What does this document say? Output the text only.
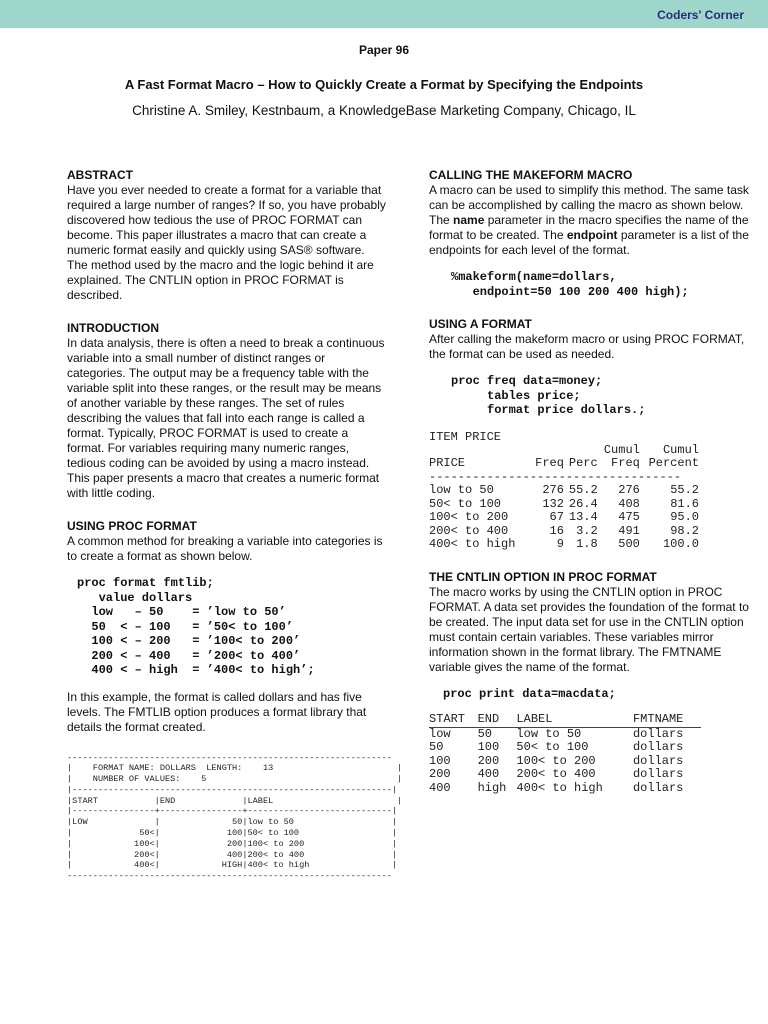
Coders' Corner
Paper 96
A Fast Format Macro – How to Quickly Create a Format by Specifying the Endpoints
Christine A. Smiley, Kestnbaum, a KnowledgeBase Marketing Company, Chicago, IL
ABSTRACT

Have you ever needed to create a format for a variable that required a large number of ranges? If so, you have probably discovered how tedious the use of PROC FORMAT can become. This paper illustrates a macro that can create a numeric format easily and quickly using SAS® software. The method used by the macro and the logic behind it are explained. The CNTLIN option in PROC FORMAT is described.

INTRODUCTION

In data analysis, there is often a need to break a continuous variable into a small number of distinct ranges or categories. The output may be a frequency table with the variable split into these ranges, or the result may be means of another variable by these ranges. The set of rules describing the values that fall into each range is called a format. Typically, PROC FORMAT is used to create a format. For variables requiring many numeric ranges, tedious coding can be avoided by using a macro instead. This paper presents a macro that creates a numeric format with little coding.

USING PROC FORMAT

A common method for breaking a variable into categories is to create a format as shown below.

proc format fmtlib;
value dollars
low   – 50    = ’low to 50’
50  < – 100   = ’50< to 100’
100 < – 200   = ’100< to 200’
200 < – 400   = ’200< to 400’
400 < – high  = ’400< to high’;

In this example, the format is called dollars and has five levels. The FMTLIB option produces a format library that details the format created.

---------------------------------------------------------------
|    FORMAT NAME: DOLLARS  LENGTH:    13                        |
|    NUMBER OF VALUES:    5                                     |
|--------------------------------------------------------------|
|START           |END             |LABEL                        |
|----------------+----------------+----------------------------|
|LOW             |              50|low to 50                   |
|             50<|             100|50< to 100                  |
|            100<|             200|100< to 200                 |
|            200<|             400|200< to 400                 |
|            400<|            HIGH|400< to high                |
---------------------------------------------------------------
CALLING THE MAKEFORM MACRO

A macro can be used to simplify this method. The same task can be accomplished by calling the macro as shown below. The name parameter in the macro specifies the name of the format to be created. The endpoint parameter is a list of the endpoints for each level of the format.

%makeform(name=dollars,
endpoint=50 100 200 400 high);
USING A FORMAT

After calling the makeform macro or using PROC FORMAT, the format can be used as needed.

proc freq data=money;
tables price;
format price dollars.;
ITEM PRICE
			Cumul	Cumul
PRICE	Freq	Perc	Freq	Percent
-----------------------------------				
low to 50	276	55.2	276	55.2
50< to 100	132	26.4	408	81.6
100< to 200	67	13.4	475	95.0
200< to 400	16	3.2	491	98.2
400< to high	9	1.8	500	100.0
THE CNTLIN OPTION IN PROC FORMAT

The macro works by using the CNTLIN option in PROC FORMAT. A data set provides the foundation of the format to be created. The input data set for use in the CNTLIN option must contain certain variables. These variables mirror information shown in the format library. The FMTNAME variable gives the name of the format.

proc print data=macdata;
START	END	LABEL	FMTNAME
low	50	low to 50	dollars
50	100	50< to 100	dollars
100	200	100< to 200	dollars
200	400	200< to 400	dollars
400	high	400< to high	dollars
